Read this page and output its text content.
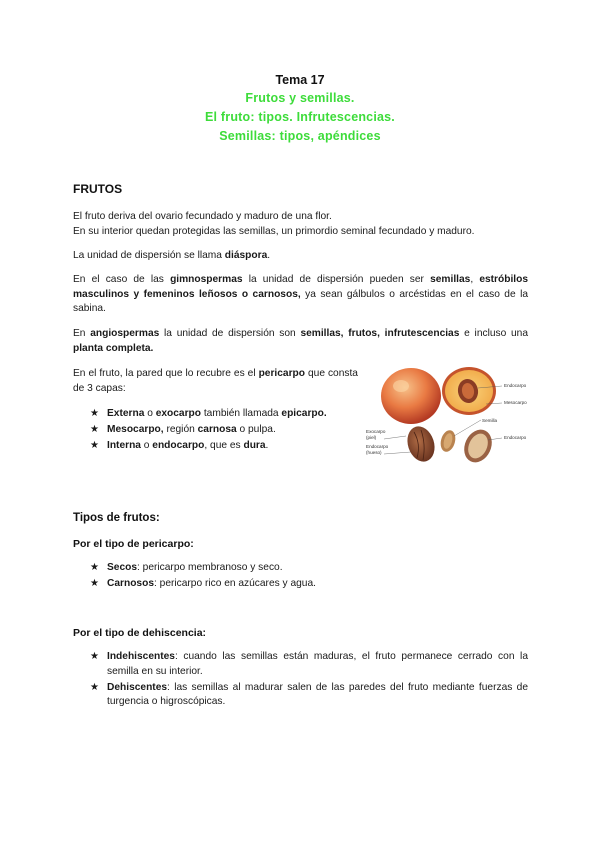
Tema 17
Frutos y semillas.
El fruto: tipos. Infrutescencias.
Semillas: tipos, apéndices
FRUTOS

El fruto deriva del ovario fecundado y maduro de una flor.
En su interior quedan protegidas las semillas, un primordio seminal fecundado y maduro.

La unidad de dispersión se llama diáspora.

En el caso de las gimnospermas la unidad de dispersión pueden ser semillas, estróbilos masculinos y femeninos leñosos o carnosos, ya sean gálbulos o arcéstidas en el caso de la sabina.

En angiospermas la unidad de dispersión son semillas, frutos, infrutescencias e incluso una planta completa.

En el fruto, la pared que lo recubre es el pericarpo que consta de 3 capas:

★ Externa o exocarpo también llamada epicarpo.
★ Mesocarpo, región carnosa o pulpa.
★ Interna o endocarpo, que es dura.
Endocarpo
Mesocarpo
Semilla
Endocarpo
Exocarpo
(piel)
Endocarpo
(hueso)
Tipos de frutos:
Por el tipo de pericarpo:
★ Secos: pericarpo membranoso y seco.
★ Carnosos: pericarpo rico en azúcares y agua.
Por el tipo de dehiscencia:
★ Indehiscentes: cuando las semillas están maduras, el fruto permanece cerrado con la semilla en su interior.
★ Dehiscentes: las semillas al madurar salen de las paredes del fruto mediante fuerzas de turgencia o higroscópicas.
